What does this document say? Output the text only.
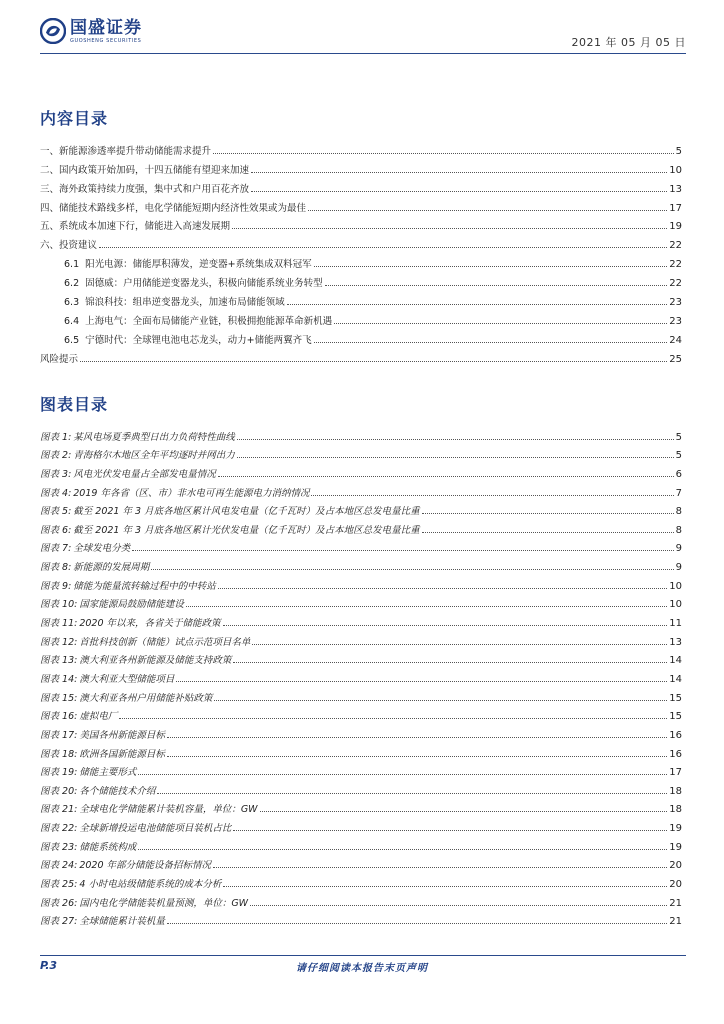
国盛证券
GUOSHENG SECURITIES	2021 年 05 月 05 日
内容目录
一、新能源渗透率提升带动储能需求提升	5
二、国内政策开始加码，十四五储能有望迎来加速	10
三、海外政策持续力度强，集中式和户用百花齐放	13
四、储能技术路线多样，电化学储能短期内经济性效果或为最佳	17
五、系统成本加速下行，储能进入高速发展期	19
六、投资建议	22
6.1 阳光电源：储能厚积薄发，逆变器+系统集成双料冠军	22
6.2 固德威：户用储能逆变器龙头，积极向储能系统业务转型	22
6.3 锦浪科技：组串逆变器龙头，加速布局储能领域	23
6.4 上海电气：全面布局储能产业链，积极拥抱能源革命新机遇	23
6.5 宁德时代：全球锂电池电芯龙头，动力+储能两翼齐飞	24
风险提示	25
图表目录
图表 1: 某风电场夏季典型日出力负荷特性曲线	5
图表 2: 青海格尔木地区全年平均逐时并网出力	5
图表 3: 风电光伏发电量占全部发电量情况	6
图表 4: 2019 年各省（区、市）非水电可再生能源电力消纳情况	7
图表 5: 截至 2021 年 3 月底各地区累计风电发电量（亿千瓦时）及占本地区总发电量比重	8
图表 6: 截至 2021 年 3 月底各地区累计光伏发电量（亿千瓦时）及占本地区总发电量比重	8
图表 7: 全球发电分类	9
图表 8: 新能源的发展周期	9
图表 9: 储能为能量流转输过程中的中转站	10
图表 10: 国家能源局鼓励储能建设	10
图表 11: 2020 年以来，各省关于储能政策	11
图表 12: 首批科技创新（储能）试点示范项目名单	13
图表 13: 澳大利亚各州新能源及储能支持政策	14
图表 14: 澳大利亚大型储能项目	14
图表 15: 澳大利亚各州户用储能补贴政策	15
图表 16: 虚拟电厂	15
图表 17: 美国各州新能源目标	16
图表 18: 欧洲各国新能源目标	16
图表 19: 储能主要形式	17
图表 20: 各个储能技术介绍	18
图表 21: 全球电化学储能累计装机容量，单位：GW	18
图表 22: 全球新增投运电池储能项目装机占比	19
图表 23: 储能系统构成	19
图表 24: 2020 年部分储能设备招标情况	20
图表 25: 4 小时电站级储能系统的成本分析	20
图表 26: 国内电化学储能装机量预测，单位：GW	21
图表 27: 全球储能累计装机量	21
P.3	请仔细阅读本报告末页声明
